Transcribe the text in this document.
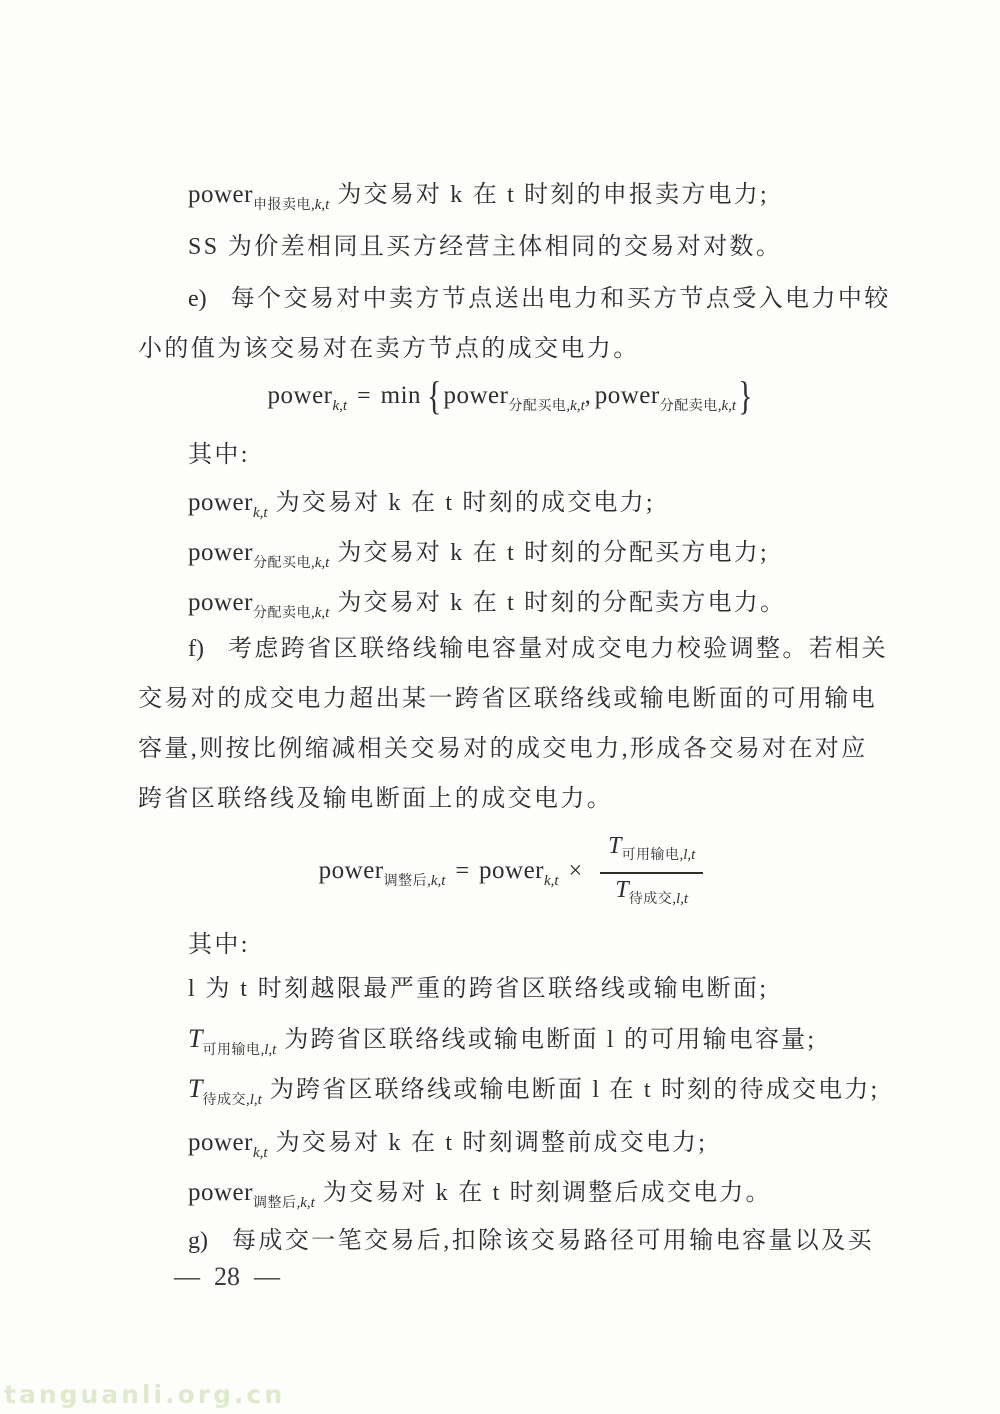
power$_{申报卖电,k,t}$ 为交易对 k 在 t 时刻的申报卖方电力;
SS 为价差相同且买方经营主体相同的交易对对数。
e) 每个交易对中卖方节点送出电力和买方节点受入电力中较
小的值为该交易对在卖方节点的成交电力。
power$_{k,t}$ = min {power$_{分配买电,k,t}$, power$_{分配卖电,k,t}$}
其中:
power$_{k,t}$ 为交易对 k 在 t 时刻的成交电力;
power$_{分配买电,k,t}$ 为交易对 k 在 t 时刻的分配买方电力;
power$_{分配卖电,k,t}$ 为交易对 k 在 t 时刻的分配卖方电力。
f) 考虑跨省区联络线输电容量对成交电力校验调整。若相关
交易对的成交电力超出某一跨省区联络线或输电断面的可用输电
容量,则按比例缩减相关交易对的成交电力,形成各交易对在对应
跨省区联络线及输电断面上的成交电力。
power$_{调整后,k,t}$ = power$_{k,t}$ × $\frac{T_{可用输电,l,t}}{T_{待成交,l,t}}$
其中:
l 为 t 时刻越限最严重的跨省区联络线或输电断面;
$T_{可用输电,l,t}$ 为跨省区联络线或输电断面 l 的可用输电容量;
$T_{待成交,l,t}$ 为跨省区联络线或输电断面 l 在 t 时刻的待成交电力;
power$_{k,t}$ 为交易对 k 在 t 时刻调整前成交电力;
power$_{调整后,k,t}$ 为交易对 k 在 t 时刻调整后成交电力。
g) 每成交一笔交易后,扣除该交易路径可用输电容量以及买
— 28 —
tanguanli.org.cn
